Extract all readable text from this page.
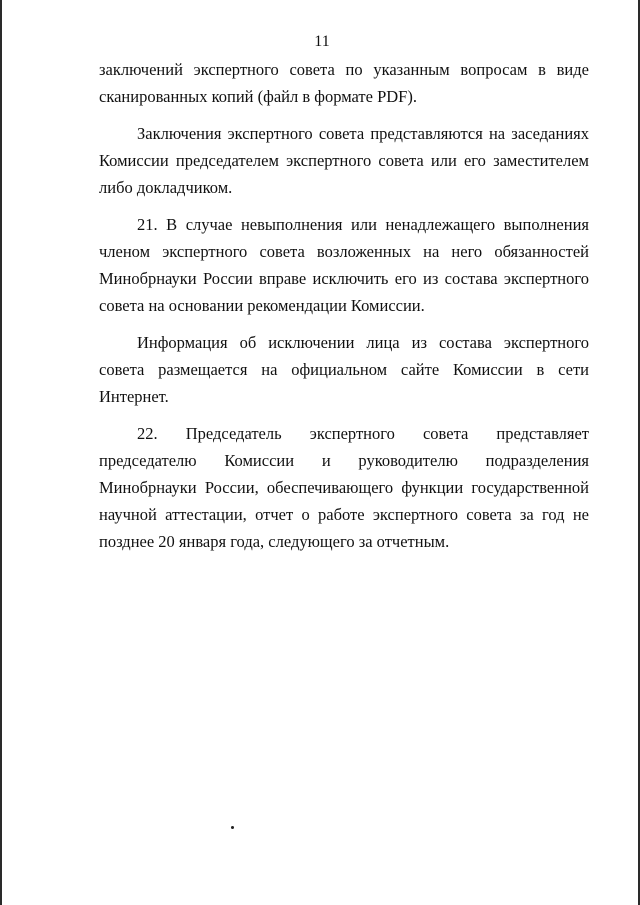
11

заключений экспертного совета по указанным вопросам в виде сканированных копий (файл в формате PDF).

Заключения экспертного совета представляются на заседаниях Комиссии председателем экспертного совета или его заместителем либо докладчиком.

21. В случае невыполнения или ненадлежащего выполнения членом экспертного совета возложенных на него обязанностей Минобрнауки России вправе исключить его из состава экспертного совета на основании рекомендации Комиссии.

Информация об исключении лица из состава экспертного совета размещается на официальном сайте Комиссии в сети Интернет.

22. Председатель экспертного совета представляет председателю Комиссии и руководителю подразделения Минобрнауки России, обеспечивающего функции государственной научной аттестации, отчет о работе экспертного совета за год не позднее 20 января года, следующего за отчетным.
